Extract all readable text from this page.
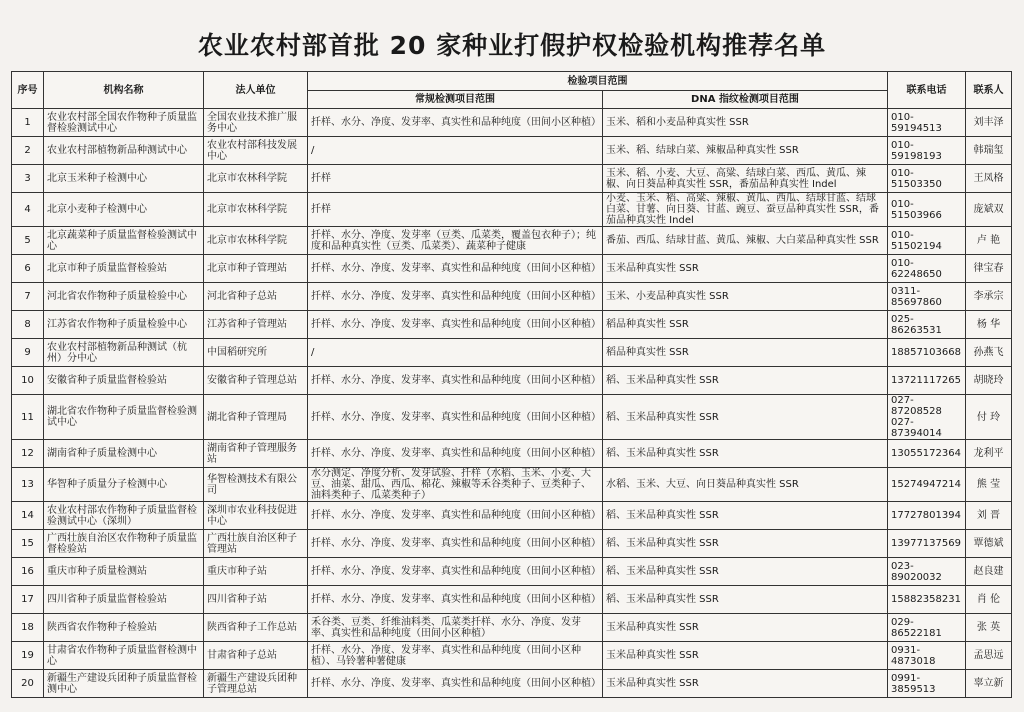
农业农村部首批 20 家种业打假护权检验机构推荐名单
序号	机构名称	法人单位	检验项目范围		联系电话	联系人
			常规检测项目范围	DNA 指纹检测项目范围		
1	农业农村部全国农作物种子质量监督检验测试中心	全国农业技术推广服务中心	扦样、水分、净度、发芽率、真实性和品种纯度（田间小区种植）	玉米、稻和小麦品种真实性 SSR	010-59194513	刘丰泽
2	农业农村部植物新品种测试中心	农业农村部科技发展中心	/	玉米、稻、结球白菜、辣椒品种真实性 SSR	010-59198193	韩瑞玺
3	北京玉米种子检测中心	北京市农林科学院	扦样	玉米、稻、小麦、大豆、高粱、结球白菜、西瓜、黄瓜、辣椒、向日葵品种真实性 SSR，番茄品种真实性 Indel	010-51503350	王凤格
4	北京小麦种子检测中心	北京市农林科学院	扦样	小麦、玉米、稻、高粱、辣椒、黄瓜、西瓜、结球甘蓝、结球白菜、甘薯、向日葵、甘蓝、豌豆、蚕豆品种真实性 SSR，番茄品种真实性 Indel	010-51503966	庞斌双
5	北京蔬菜种子质量监督检验测试中心	北京市农林科学院	扦样、水分、净度、发芽率（豆类、瓜菜类，覆盖包衣种子）；纯度和品种真实性（豆类、瓜菜类）、蔬菜种子健康	番茄、西瓜、结球甘蓝、黄瓜、辣椒、大白菜品种真实性 SSR	010-51502194	卢 艳
6	北京市种子质量监督检验站	北京市种子管理站	扦样、水分、净度、发芽率、真实性和品种纯度（田间小区种植）	玉米品种真实性 SSR	010-62248650	律宝春
7	河北省农作物种子质量检验中心	河北省种子总站	扦样、水分、净度、发芽率、真实性和品种纯度（田间小区种植）	玉米、小麦品种真实性 SSR	0311-85697860	李承宗
8	江苏省农作物种子质量检验中心	江苏省种子管理站	扦样、水分、净度、发芽率、真实性和品种纯度（田间小区种植）	稻品种真实性 SSR	025-86263531	杨 华
9	农业农村部植物新品种测试（杭州）分中心	中国稻研究所	/	稻品种真实性 SSR	18857103668	孙燕飞
10	安徽省种子质量监督检验站	安徽省种子管理总站	扦样、水分、净度、发芽率、真实性和品种纯度（田间小区种植）	稻、玉米品种真实性 SSR	13721117265	胡晓玲
11	湖北省农作物种子质量监督检验测试中心	湖北省种子管理局	扦样、水分、净度、发芽率、真实性和品种纯度（田间小区种植）	稻、玉米品种真实性 SSR	027-87208528 027-87394014	付 玲
12	湖南省种子质量检测中心	湖南省种子管理服务站	扦样、水分、净度、发芽率、真实性和品种纯度（田间小区种植）	稻、玉米品种真实性 SSR	13055172364	龙利平
13	华智种子质量分子检测中心	华智检测技术有限公司	水分测定、净度分析、发芽试验、扦样（水稻、玉米、小麦、大豆、油菜、甜瓜、西瓜、棉花、辣椒等禾谷类种子、豆类种子、油料类种子、瓜菜类种子）	水稻、玉米、大豆、向日葵品种真实性 SSR	15274947214	熊 莹
14	农业农村部农作物种子质量监督检验测试中心（深圳）	深圳市农业科技促进中心	扦样、水分、净度、发芽率、真实性和品种纯度（田间小区种植）	稻、玉米品种真实性 SSR	17727801394	刘 晋
15	广西壮族自治区农作物种子质量监督检验站	广西壮族自治区种子管理站	扦样、水分、净度、发芽率、真实性和品种纯度（田间小区种植）	稻、玉米品种真实性 SSR	13977137569	覃德斌
16	重庆市种子质量检测站	重庆市种子站	扦样、水分、净度、发芽率、真实性和品种纯度（田间小区种植）	稻、玉米品种真实性 SSR	023-89020032	赵良建
17	四川省种子质量监督检验站	四川省种子站	扦样、水分、净度、发芽率、真实性和品种纯度（田间小区种植）	稻、玉米品种真实性 SSR	15882358231	肖 伦
18	陕西省农作物种子检验站	陕西省种子工作总站	禾谷类、豆类、纤维油料类、瓜菜类扦样、水分、净度、发芽率、真实性和品种纯度（田间小区种植）	玉米品种真实性 SSR	029-86522181	张 英
19	甘肃省农作物种子质量监督检测中心	甘肃省种子总站	扦样、水分、净度、发芽率、真实性和品种纯度（田间小区种植）、马铃薯种薯健康	玉米品种真实性 SSR	0931-4873018	孟思远
20	新疆生产建设兵团种子质量监督检测中心	新疆生产建设兵团种子管理总站	扦样、水分、净度、发芽率、真实性和品种纯度（田间小区种植）	玉米品种真实性 SSR	0991-3859513	辜立新
